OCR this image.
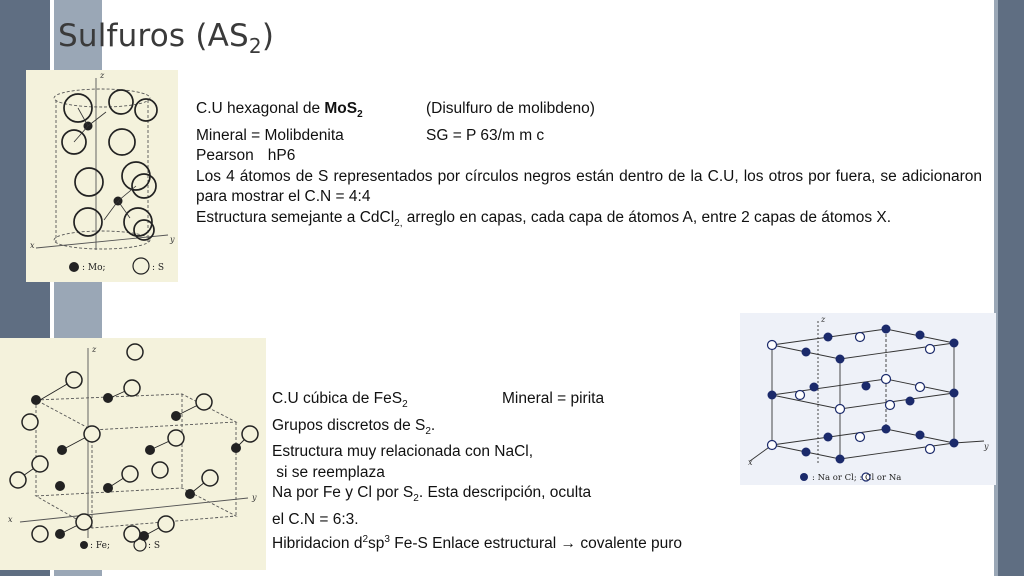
Sulfuros $(AS_2)$
z
x
y
: Mo;	: S
z
x
y
: Fe;	: S
z
x
y
: Na or Cl; : Cl or Na
C.U hexagonal de MoS$_2$	(Disulfuro de molibdeno)
Mineral = Molibdenita	SG = P 63/m m c
Pearson hP6

Los 4 átomos de S representados por círculos negros están dentro de la C.U, los otros por fuera, se adicionaron para mostrar el C.N = 4:4

Estructura semejante a CdCl$_{2,}$ arreglo en capas, cada capa de átomos A, entre 2 capas de átomos X.
C.U cúbica de FeS$_2$	Mineral = pirita
Grupos discretos de $S_2$.
Estructura muy relacionada con NaCl,
si se reemplaza
Na por Fe y Cl por $S_2$. Esta descripción, oculta
el C.N = 6:3.
Hibridacion $d^2sp^3$ Fe-S Enlace estructural → covalente puro
